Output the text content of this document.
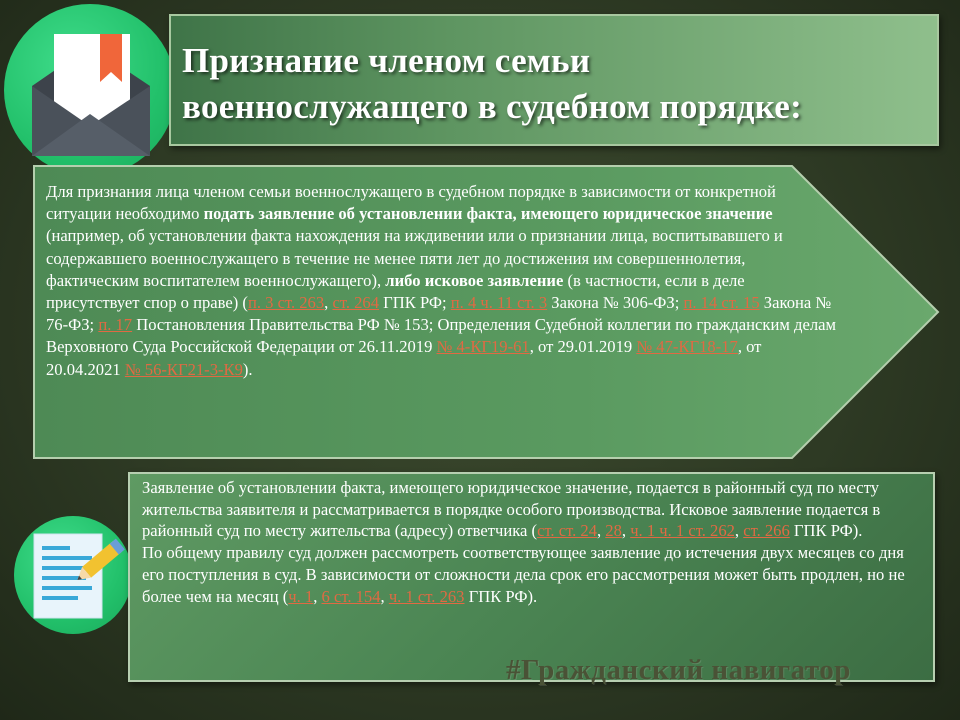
Признание членом семьи
военнослужащего в судебном порядке:
Для признания лица членом семьи военнослужащего в судебном порядке в зависимости от конкретной ситуации необходимо подать заявление об установлении факта, имеющего юридическое значение (например, об установлении факта нахождения на иждивении или о признании лица, воспитывавшего и содержавшего военнослужащего в течение не менее пяти лет до достижения им совершеннолетия, фактическим воспитателем военнослужащего), либо исковое заявление (в частности, если в деле присутствует спор о праве) (п. 3 ст. 263, ст. 264 ГПК РФ; п. 4 ч. 11 ст. 3 Закона № 306-ФЗ; п. 14 ст. 15 Закона № 76-ФЗ; п. 17 Постановления Правительства РФ № 153; Определения Судебной коллегии по гражданским делам Верховного Суда Российской Федерации от 26.11.2019 № 4-КГ19-61, от 29.01.2019 № 47-КГ18-17, от 20.04.2021 № 56-КГ21-3-К9).
Заявление об установлении факта, имеющего юридическое значение, подается в районный суд по месту жительства заявителя и рассматривается в порядке особого производства. Исковое заявление подается в районный суд по месту жительства (адресу) ответчика (ст. ст. 24, 28, ч. 1 ч. 1 ст. 262, ст. 266 ГПК РФ).
По общему правилу суд должен рассмотреть соответствующее заявление до истечения двух месяцев со дня его поступления в суд. В зависимости от сложности дела срок его рассмотрения может быть продлен, но не более чем на месяц (ч. 1, 6 ст. 154, ч. 1 ст. 263 ГПК РФ).
#Гражданский навигатор
